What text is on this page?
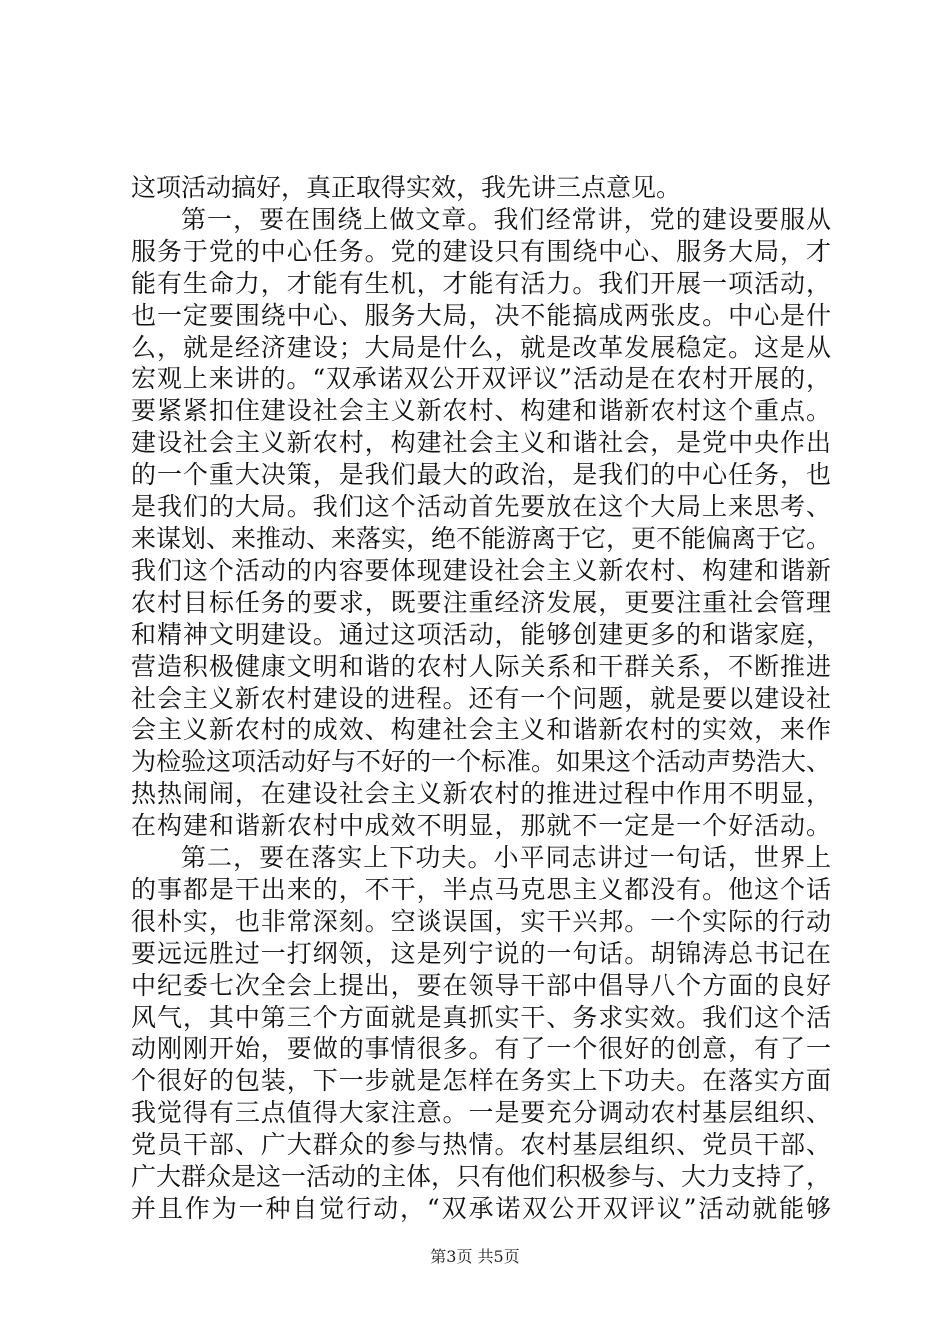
这项活动搞好，真正取得实效，我先讲三点意见。
第一，要在围绕上做文章。我们经常讲，党的建设要服从
服务于党的中心任务。党的建设只有围绕中心、服务大局，才
能有生命力，才能有生机，才能有活力。我们开展一项活动，
也一定要围绕中心、服务大局，决不能搞成两张皮。中心是什
么，就是经济建设；大局是什么，就是改革发展稳定。这是从
宏观上来讲的。“双承诺双公开双评议”活动是在农村开展的，
要紧紧扣住建设社会主义新农村、构建和谐新农村这个重点。
建设社会主义新农村，构建社会主义和谐社会，是党中央作出
的一个重大决策，是我们最大的政治，是我们的中心任务，也
是我们的大局。我们这个活动首先要放在这个大局上来思考、
来谋划、来推动、来落实，绝不能游离于它，更不能偏离于它。
我们这个活动的内容要体现建设社会主义新农村、构建和谐新
农村目标任务的要求，既要注重经济发展，更要注重社会管理
和精神文明建设。通过这项活动，能够创建更多的和谐家庭，
营造积极健康文明和谐的农村人际关系和干群关系，不断推进
社会主义新农村建设的进程。还有一个问题，就是要以建设社
会主义新农村的成效、构建社会主义和谐新农村的实效，来作
为检验这项活动好与不好的一个标准。如果这个活动声势浩大、
热热闹闹，在建设社会主义新农村的推进过程中作用不明显，
在构建和谐新农村中成效不明显，那就不一定是一个好活动。
第二，要在落实上下功夫。小平同志讲过一句话，世界上
的事都是干出来的，不干，半点马克思主义都没有。他这个话
很朴实，也非常深刻。空谈误国，实干兴邦。一个实际的行动
要远远胜过一打纲领，这是列宁说的一句话。胡锦涛总书记在
中纪委七次全会上提出，要在领导干部中倡导八个方面的良好
风气，其中第三个方面就是真抓实干、务求实效。我们这个活
动刚刚开始，要做的事情很多。有了一个很好的创意，有了一
个很好的包装，下一步就是怎样在务实上下功夫。在落实方面
我觉得有三点值得大家注意。一是要充分调动农村基层组织、
党员干部、广大群众的参与热情。农村基层组织、党员干部、
广大群众是这一活动的主体，只有他们积极参与、大力支持了，
并且作为一种自觉行动，“双承诺双公开双评议”活动就能够
第3页 共5页
